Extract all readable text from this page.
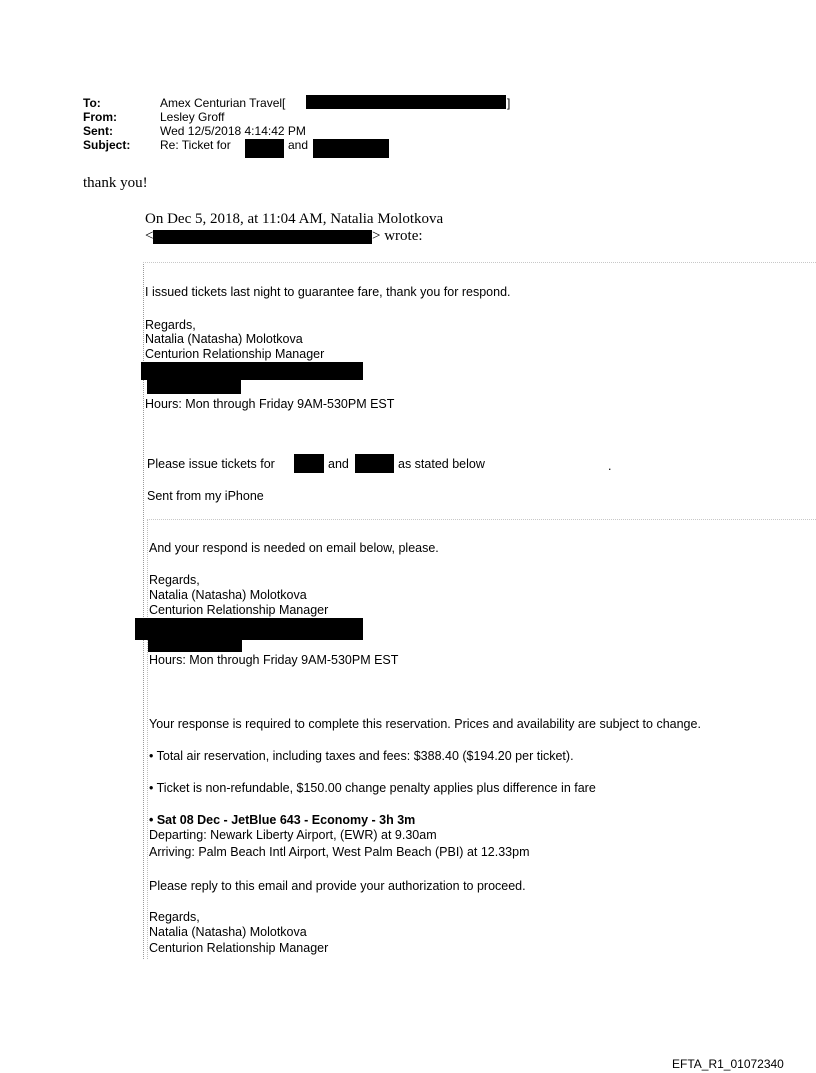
To:	Amex Centurian Travel[	]
From:	Lesley Groff
Sent:	Wed 12/5/2018 4:14:42 PM
Subject: Re: Ticket for	and
thank you!
On Dec 5, 2018, at 11:04 AM, Natalia Molotkova
<	> wrote:
I issued tickets last night to guarantee fare, thank you for respond.
Regards,
Natalia (Natasha) Molotkova
Centurion Relationship Manager
Hours: Mon through Friday 9AM-530PM EST
Please issue tickets for	and	as stated below	.
Sent from my iPhone
And your respond is needed on email below, please.
Regards,
Natalia (Natasha) Molotkova
Centurion Relationship Manager
Hours: Mon through Friday 9AM-530PM EST
Your response is required to complete this reservation. Prices and availability are subject to change.
• Total air reservation, including taxes and fees: $388.40 ($194.20 per ticket).
• Ticket is non-refundable, $150.00 change penalty applies plus difference in fare
• Sat 08 Dec - JetBlue 643 - Economy - 3h 3m
Departing: Newark Liberty Airport, (EWR) at 9.30am
Arriving: Palm Beach Intl Airport, West Palm Beach (PBI) at 12.33pm
Please reply to this email and provide your authorization to proceed.
Regards,
Natalia (Natasha) Molotkova
Centurion Relationship Manager
EFTA_R1_01072340
